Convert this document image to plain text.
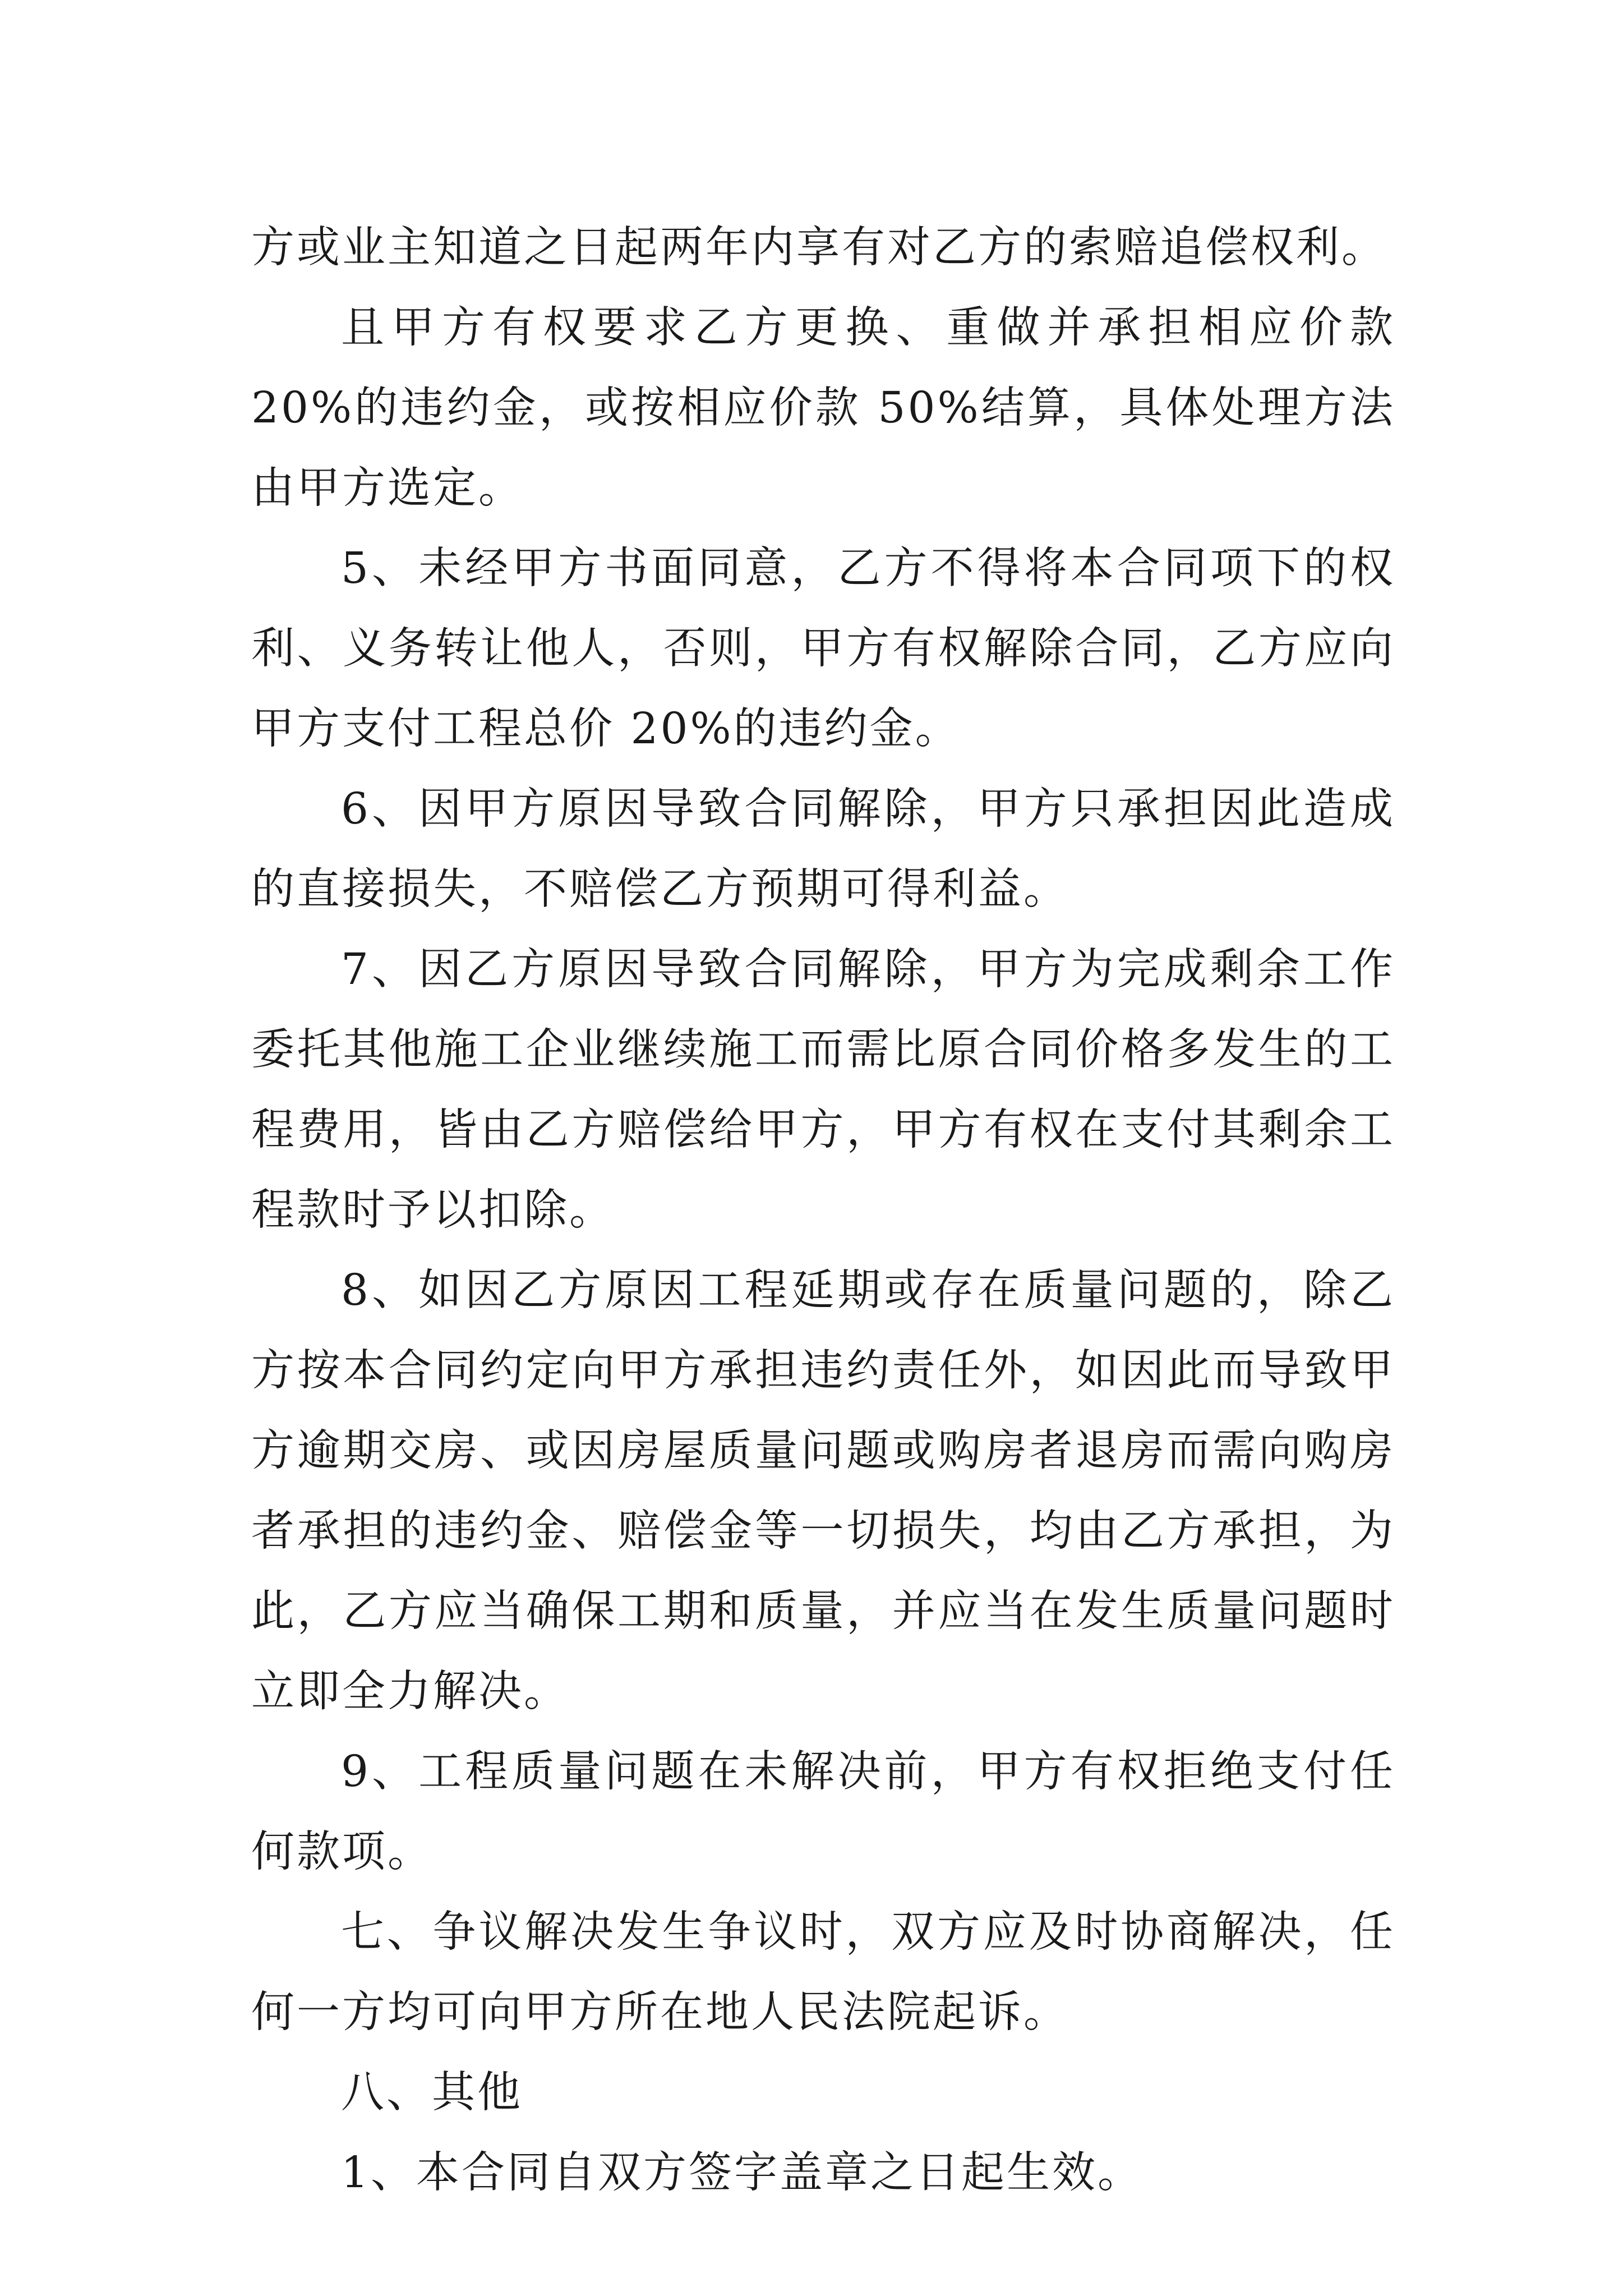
方或业主知道之日起两年内享有对乙方的索赔追偿权利。

且甲方有权要求乙方更换、重做并承担相应价款 20%的违约金，或按相应价款 50%结算，具体处理方法由甲方选定。

5、未经甲方书面同意，乙方不得将本合同项下的权利、义务转让他人，否则，甲方有权解除合同，乙方应向甲方支付工程总价 20%的违约金。

6、因甲方原因导致合同解除，甲方只承担因此造成的直接损失，不赔偿乙方预期可得利益。

7、因乙方原因导致合同解除，甲方为完成剩余工作委托其他施工企业继续施工而需比原合同价格多发生的工程费用，皆由乙方赔偿给甲方，甲方有权在支付其剩余工程款时予以扣除。

8、如因乙方原因工程延期或存在质量问题的，除乙方按本合同约定向甲方承担违约责任外，如因此而导致甲方逾期交房、或因房屋质量问题或购房者退房而需向购房者承担的违约金、赔偿金等一切损失，均由乙方承担，为此，乙方应当确保工期和质量，并应当在发生质量问题时立即全力解决。

9、工程质量问题在未解决前，甲方有权拒绝支付任何款项。

七、争议解决发生争议时，双方应及时协商解决，任何一方均可向甲方所在地人民法院起诉。

八、其他

1、本合同自双方签字盖章之日起生效。
